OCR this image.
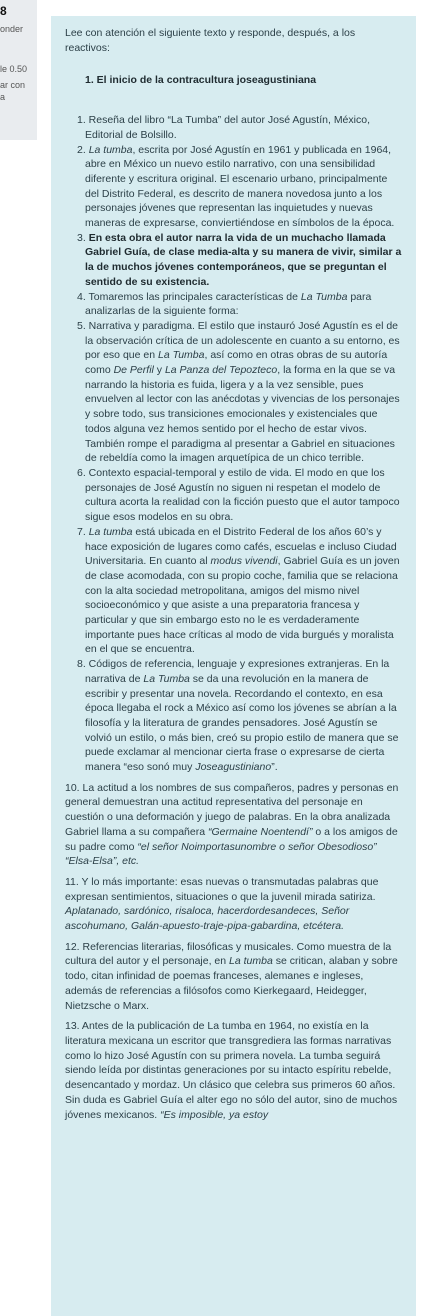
8
onder
le 0.50
ar con
a

Lee con atención el siguiente texto y responde, después, a los reactivos:

1. El inicio de la contracultura joseagustiniana

1. Reseña del libro “La Tumba” del autor José Agustín, México, Editorial de Bolsillo.
2. La tumba, escrita por José Agustín en 1961 y publicada en 1964, abre en México un nuevo estilo narrativo, con una sensibilidad diferente y escritura original. El escenario urbano, principalmente del Distrito Federal, es descrito de manera novedosa junto a los personajes jóvenes que representan las inquietudes y nuevas maneras de expresarse, conviertiéndose en símbolos de la época.
3. En esta obra el autor narra la vida de un muchacho llamada Gabriel Guía, de clase media-alta y su manera de vivir, similar a la de muchos jóvenes contemporáneos, que se preguntan el sentido de su existencia.
4. Tomaremos las principales características de La Tumba para analizarlas de la siguiente forma:
5. Narrativa y paradigma. El estilo que instauró José Agustín es el de la observación crítica de un adolescente en cuanto a su entorno, es por eso que en La Tumba, así como en otras obras de su autoría como De Perfil y La Panza del Tepozteco, la forma en la que se va narrando la historia es fuida, ligera y a la vez sensible, pues envuelven al lector con las anécdotas y vivencias de los personajes y sobre todo, sus transiciones emocionales y existenciales que todos alguna vez hemos sentido por el hecho de estar vivos. También rompe el paradigma al presentar a Gabriel en situaciones de rebeldía como la imagen arquetípica de un chico terrible.
6. Contexto espacial-temporal y estilo de vida. El modo en que los personajes de José Agustín no siguen ni respetan el modelo de cultura acorta la realidad con la ficción puesto que el autor tampoco sigue esos modelos en su obra.
7. La tumba está ubicada en el Distrito Federal de los años 60’s y hace exposición de lugares como cafés, escuelas e incluso Ciudad Universitaria. En cuanto al modus vivendi, Gabriel Guía es un joven de clase acomodada, con su propio coche, familia que se relaciona con la alta sociedad metropolitana, amigos del mismo nivel socioeconómico y que asiste a una preparatoria francesa y particular y que sin embargo esto no le es verdaderamente importante pues hace críticas al modo de vida burgués y moralista en el que se encuentra.
8. Códigos de referencia, lenguaje y expresiones extranjeras. En la narrativa de La Tumba se da una revolución en la manera de escribir y presentar una novela. Recordando el contexto, en esa época llegaba el rock a México así como los jóvenes se abrían a la filosofía y la literatura de grandes pensadores. José Agustín se volvió un estilo, o más bien, creó su propio estilo de manera que se puede exclamar al mencionar cierta frase o expresarse de cierta manera “eso sonó muy Joseagustiniano”.
10. La actitud a los nombres de sus compañeros, padres y personas en general demuestran una actitud representativa del personaje en cuestión o una deformación y juego de palabras. En la obra analizada Gabriel llama a su compañera “Germaine Noentendí” o a los amigos de su padre como “el señor Noimportasunombre o señor Obesodioso” “Elsa-Elsa”, etc.
11. Y lo más importante: esas nuevas o transmutadas palabras que expresan sentimientos, situaciones o que la juvenil mirada satiriza. Aplatanado, sardónico, risaloca, hacerdordesandeces, Señor ascohumano, Galán-apuesto-traje-pipa-gabardina, etcétera.
12. Referencias literarias, filosóficas y musicales. Como muestra de la cultura del autor y el personaje, en La tumba se critican, alaban y sobre todo, citan infinidad de poemas franceses, alemanes e ingleses, además de referencias a filósofos como Kierkegaard, Heidegger, Nietzsche o Marx.
13. Antes de la publicación de La tumba en 1964, no existía en la literatura mexicana un escritor que transgrediera las formas narrativas como lo hizo José Agustín con su primera novela. La tumba seguirá siendo leída por distintas generaciones por su intacto espíritu rebelde, desencantado y mordaz. Un clásico que celebra sus primeros 60 años. Sin duda es Gabriel Guía el alter ego no sólo del autor, sino de muchos jóvenes mexicanos. “Es imposible, ya estoy
